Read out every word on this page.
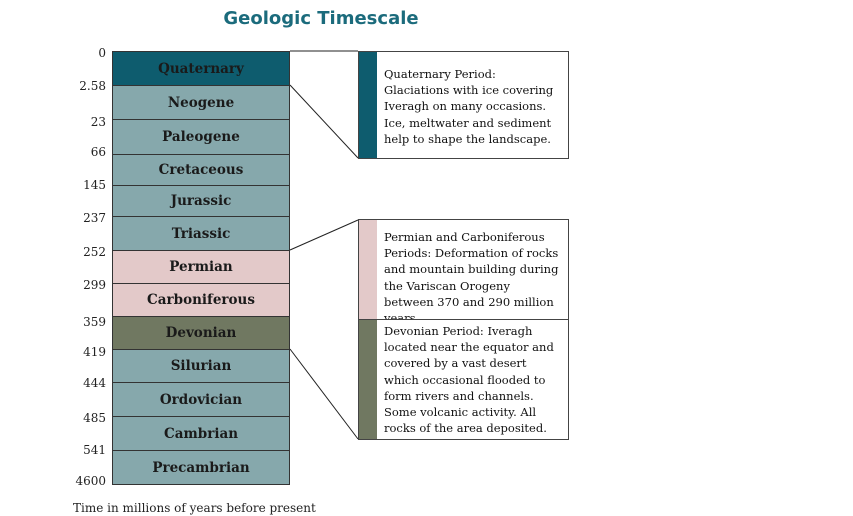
Geologic Timescale
0
2.58
23
66
145
237
252
299
359
419
444
485
541
4600
Quaternary
Neogene
Paleogene
Cretaceous
Jurassic
Triassic
Permian
Carboniferous
Devonian
Silurian
Ordovician
Cambrian
Precambrian
Quaternary Period: Glaciations with ice covering Iveragh on many occasions. Ice, meltwater and sediment help to shape the landscape.
Permian and Carboniferous Periods: Deformation of rocks and mountain building during the Variscan Orogeny between 370 and 290 million
Devonian Period: Iveragh located near the equator and covered by a vast desert which occasional flooded to form rivers and channels. Some volcanic activity. All rocks of the area deposited.
Time in millions of years before present
